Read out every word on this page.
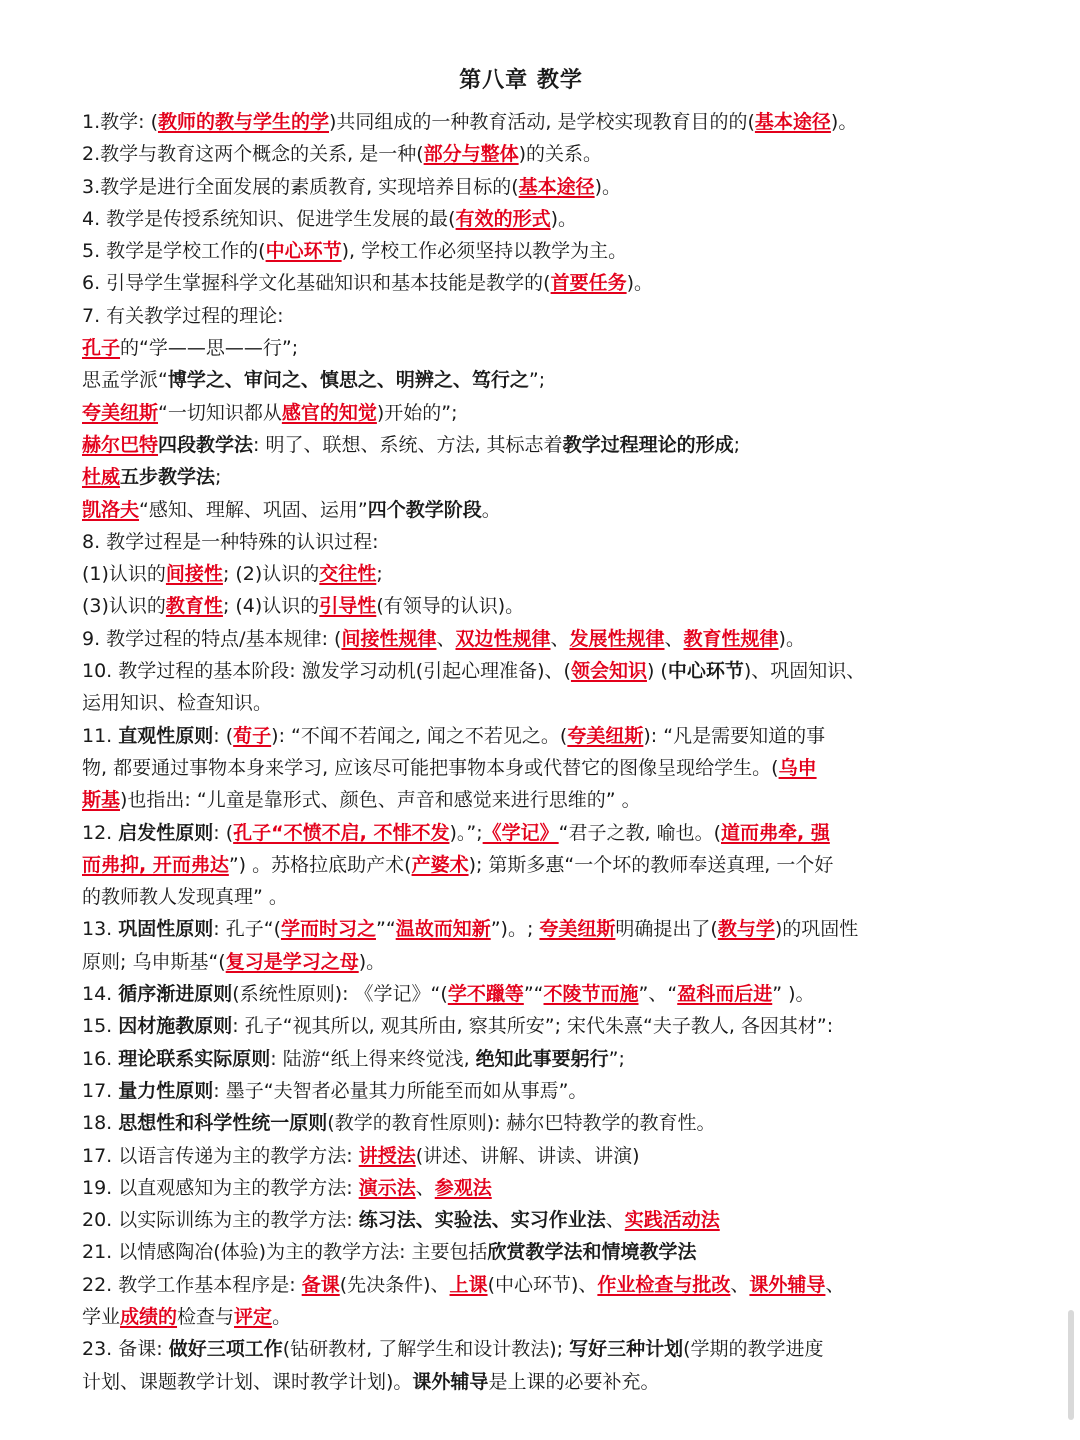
第八章 教学
1.教学: (教师的教与学生的学)共同组成的一种教育活动, 是学校实现教育目的的(基本途径)。
2.教学与教育这两个概念的关系, 是一种(部分与整体)的关系。
3.教学是进行全面发展的素质教育, 实现培养目标的(基本途径)。
4. 教学是传授系统知识、促进学生发展的最(有效的形式)。
5. 教学是学校工作的(中心环节), 学校工作必须坚持以教学为主。
6. 引导学生掌握科学文化基础知识和基本技能是教学的(首要任务)。
7. 有关教学过程的理论:
孔子的“学——思——行”;
思孟学派“博学之、审问之、慎思之、明辨之、笃行之”;
夸美纽斯“一切知识都从感官的知觉)开始的”;
赫尔巴特四段教学法: 明了、联想、系统、方法, 其标志着教学过程理论的形成;
杜威五步教学法;
凯洛夫“感知、理解、巩固、运用”四个教学阶段。
8. 教学过程是一种特殊的认识过程:
(1)认识的间接性; (2)认识的交往性;
(3)认识的教育性; (4)认识的引导性(有领导的认识)。
9. 教学过程的特点/基本规律: (间接性规律、双边性规律、发展性规律、教育性规律)。
10. 教学过程的基本阶段: 激发学习动机(引起心理准备)、(领会知识) (中心环节)、巩固知识、
运用知识、检查知识。
11. 直观性原则: (荀子): “不闻不若闻之, 闻之不若见之。(夸美纽斯): “凡是需要知道的事
物, 都要通过事物本身来学习, 应该尽可能把事物本身或代替它的图像呈现给学生。(乌申
斯基)也指出: “儿童是靠形式、颜色、声音和感觉来进行思维的” 。
12. 启发性原则: (孔子“不愤不启, 不悱不发)。”;《学记》“君子之教, 喻也。(道而弗牵, 强
而弗抑, 开而弗达”) 。苏格拉底助产术(产婆术); 第斯多惠“一个坏的教师奉送真理, 一个好
的教师教人发现真理” 。
13. 巩固性原则: 孔子“(学而时习之”“温故而知新”)。; 夸美纽斯明确提出了(教与学)的巩固性
原则; 乌申斯基“(复习是学习之母)。
14. 循序渐进原则(系统性原则): 《学记》“(学不躐等”“不陵节而施”、“盈科而后进” )。
15. 因材施教原则: 孔子“视其所以, 观其所由, 察其所安”; 宋代朱熹“夫子教人, 各因其材”:
16. 理论联系实际原则: 陆游“纸上得来终觉浅, 绝知此事要躬行”;
17. 量力性原则: 墨子“夫智者必量其力所能至而如从事焉”。
18. 思想性和科学性统一原则(教学的教育性原则): 赫尔巴特教学的教育性。
17. 以语言传递为主的教学方法: 讲授法(讲述、讲解、讲读、讲演)
19. 以直观感知为主的教学方法: 演示法、参观法
20. 以实际训练为主的教学方法: 练习法、实验法、实习作业法、实践活动法
21. 以情感陶冶(体验)为主的教学方法: 主要包括欣赏教学法和情境教学法
22. 教学工作基本程序是: 备课(先决条件)、上课(中心环节)、作业检查与批改、课外辅导、
学业成绩的检查与评定。
23. 备课: 做好三项工作(钻研教材, 了解学生和设计教法); 写好三种计划(学期的教学进度
计划、课题教学计划、课时教学计划)。课外辅导是上课的必要补充。
